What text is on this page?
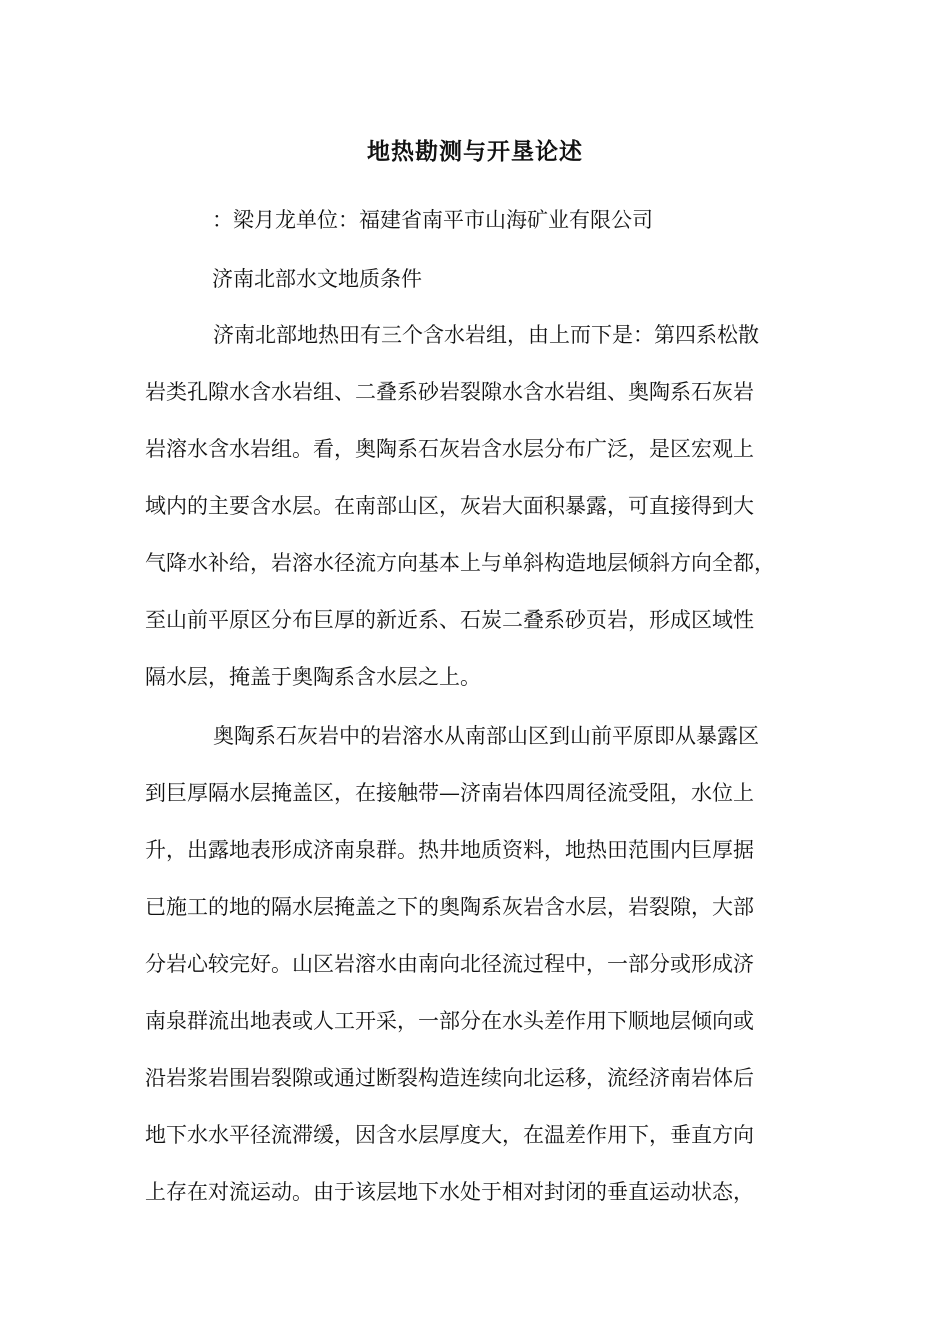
地热勘测与开垦论述
：梁月龙单位：福建省南平市山海矿业有限公司
济南北部水文地质条件
济南北部地热田有三个含水岩组，由上而下是：第四系松散
岩类孔隙水含水岩组、二叠系砂岩裂隙水含水岩组、奥陶系石灰岩
岩溶水含水岩组。看，奥陶系石灰岩含水层分布广泛，是区宏观上
域内的主要含水层。在南部山区，灰岩大面积暴露，可直接得到大
气降水补给，岩溶水径流方向基本上与单斜构造地层倾斜方向全都，
至山前平原区分布巨厚的新近系、石炭二叠系砂页岩，形成区域性
隔水层，掩盖于奥陶系含水层之上。
奥陶系石灰岩中的岩溶水从南部山区到山前平原即从暴露区
到巨厚隔水层掩盖区，在接触带—济南岩体四周径流受阻，水位上
升，出露地表形成济南泉群。热井地质资料，地热田范围内巨厚据
已施工的地的隔水层掩盖之下的奥陶系灰岩含水层，岩裂隙，大部
分岩心较完好。山区岩溶水由南向北径流过程中，一部分或形成济
南泉群流出地表或人工开采，一部分在水头差作用下顺地层倾向或
沿岩浆岩围岩裂隙或通过断裂构造连续向北运移，流经济南岩体后
地下水水平径流滞缓，因含水层厚度大，在温差作用下，垂直方向
上存在对流运动。由于该层地下水处于相对封闭的垂直运动状态，
